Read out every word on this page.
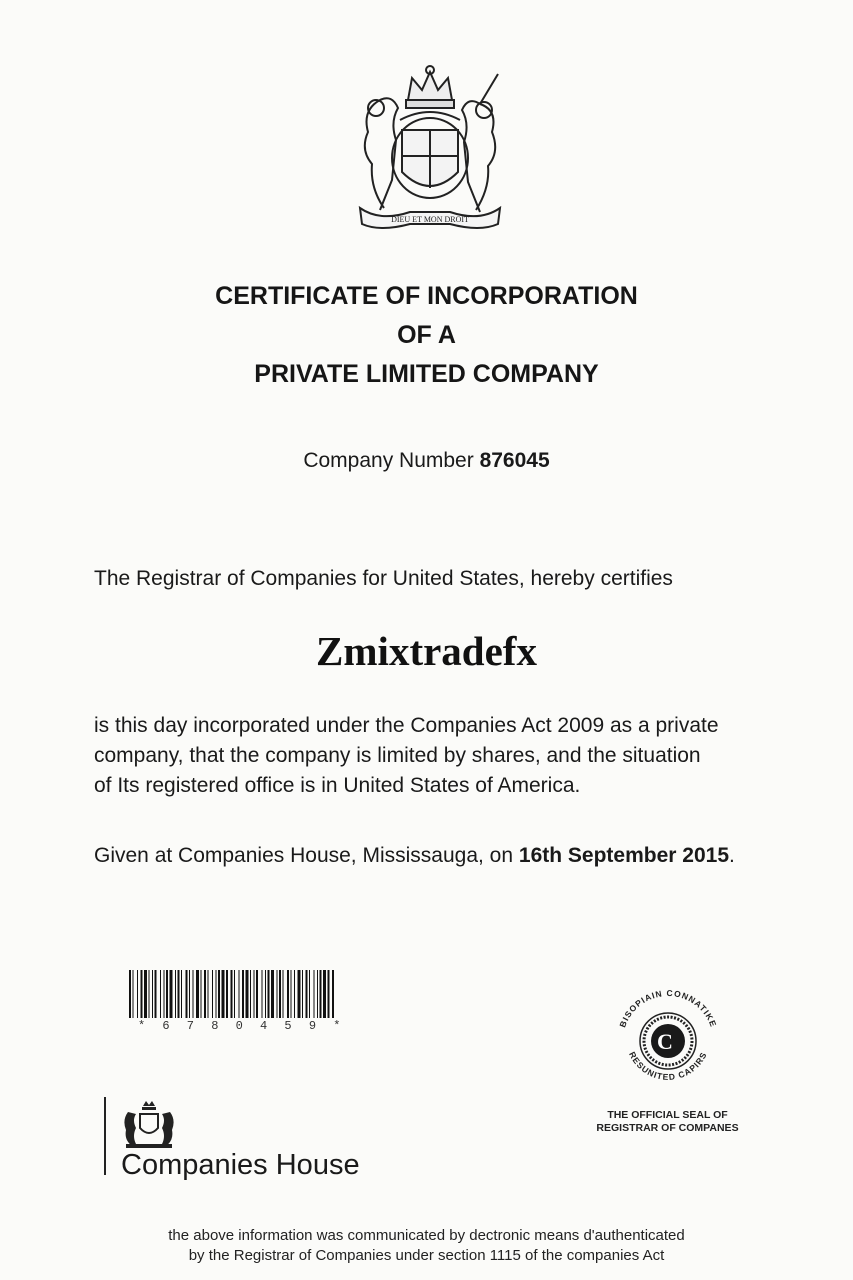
DIEU ET MON DROIT
CERTIFICATE OF INCORPORATION
OF A
PRIVATE LIMITED COMPANY
Company Number 876045
The Registrar of Companies for United States, hereby certifies
Zmixtradefx
is this day incorporated under the Companies Act 2009 as a private
company, that the company is limited by shares, and the situation
of Its registered office is in United States of America.
Given at Companies House, Mississauga, on 16th September 2015.
* 6 7 8 0 4 5 9 *	BISOPIAIN CONNATIKE
RESUNITED CAPIRS
C
THE OFFICIAL SEAL OF
REGISTRAR OF COMPANES
Companies House
the above information was communicated by dectronic means d'authenticated
by the Registrar of Companies under section 1115 of the companies Act
